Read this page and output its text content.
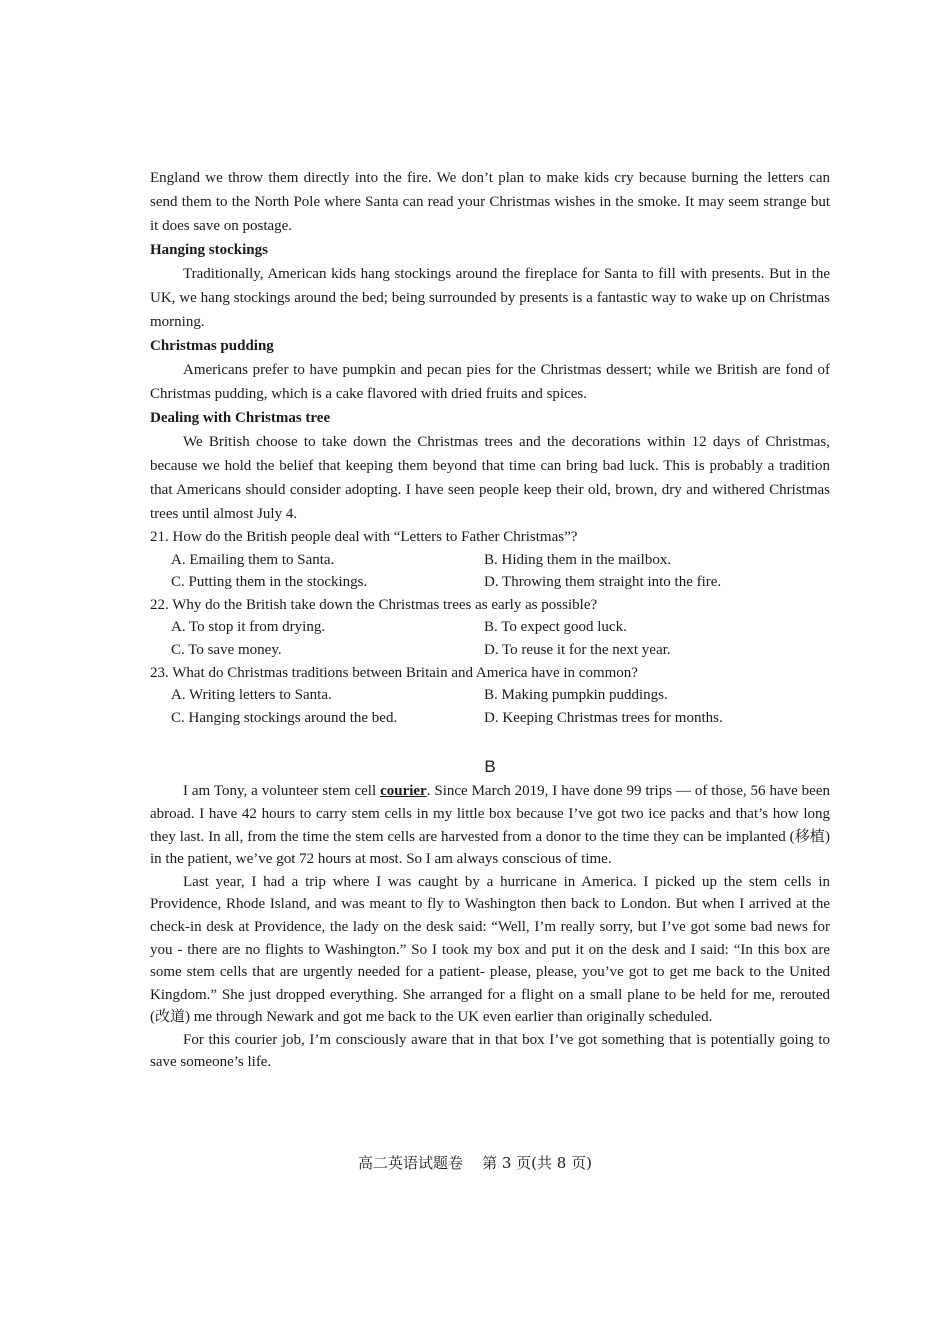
England we throw them directly into the fire. We don’t plan to make kids cry because burning the letters can send them to the North Pole where Santa can read your Christmas wishes in the smoke. It may seem strange but it does save on postage.

Hanging stockings

Traditionally, American kids hang stockings around the fireplace for Santa to fill with presents. But in the UK, we hang stockings around the bed; being surrounded by presents is a fantastic way to wake up on Christmas morning.

Christmas pudding

Americans prefer to have pumpkin and pecan pies for the Christmas dessert; while we British are fond of Christmas pudding, which is a cake flavored with dried fruits and spices.

Dealing with Christmas tree

We British choose to take down the Christmas trees and the decorations within 12 days of Christmas, because we hold the belief that keeping them beyond that time can bring bad luck. This is probably a tradition that Americans should consider adopting. I have seen people keep their old, brown, dry and withered Christmas trees until almost July 4.

21. How do the British people deal with “Letters to Father Christmas”?

A. Emailing them to Santa.	B. Hiding them in the mailbox.
C. Putting them in the stockings.	D. Throwing them straight into the fire.

22. Why do the British take down the Christmas trees as early as possible?

A. To stop it from drying.	B. To expect good luck.
C. To save money.	D. To reuse it for the next year.

23. What do Christmas traditions between Britain and America have in common?

A. Writing letters to Santa.	B. Making pumpkin puddings.
C. Hanging stockings around the bed.	D. Keeping Christmas trees for months.
B

I am Tony, a volunteer stem cell courier. Since March 2019, I have done 99 trips — of those, 56 have been abroad. I have 42 hours to carry stem cells in my little box because I’ve got two ice packs and that’s how long they last. In all, from the time the stem cells are harvested from a donor to the time they can be implanted (移植) in the patient, we’ve got 72 hours at most. So I am always conscious of time.

Last year, I had a trip where I was caught by a hurricane in America. I picked up the stem cells in Providence, Rhode Island, and was meant to fly to Washington then back to London. But when I arrived at the check-in desk at Providence, the lady on the desk said: “Well, I’m really sorry, but I’ve got some bad news for you - there are no flights to Washington.” So I took my box and put it on the desk and I said: “In this box are some stem cells that are urgently needed for a patient- please, please, you’ve got to get me back to the United Kingdom.” She just dropped everything. She arranged for a flight on a small plane to be held for me, rerouted (改道) me through Newark and got me back to the UK even earlier than originally scheduled.

For this courier job, I’m consciously aware that in that box I’ve got something that is potentially going to save someone’s life.

高二英语试题卷    第 3 页(共 8 页)
